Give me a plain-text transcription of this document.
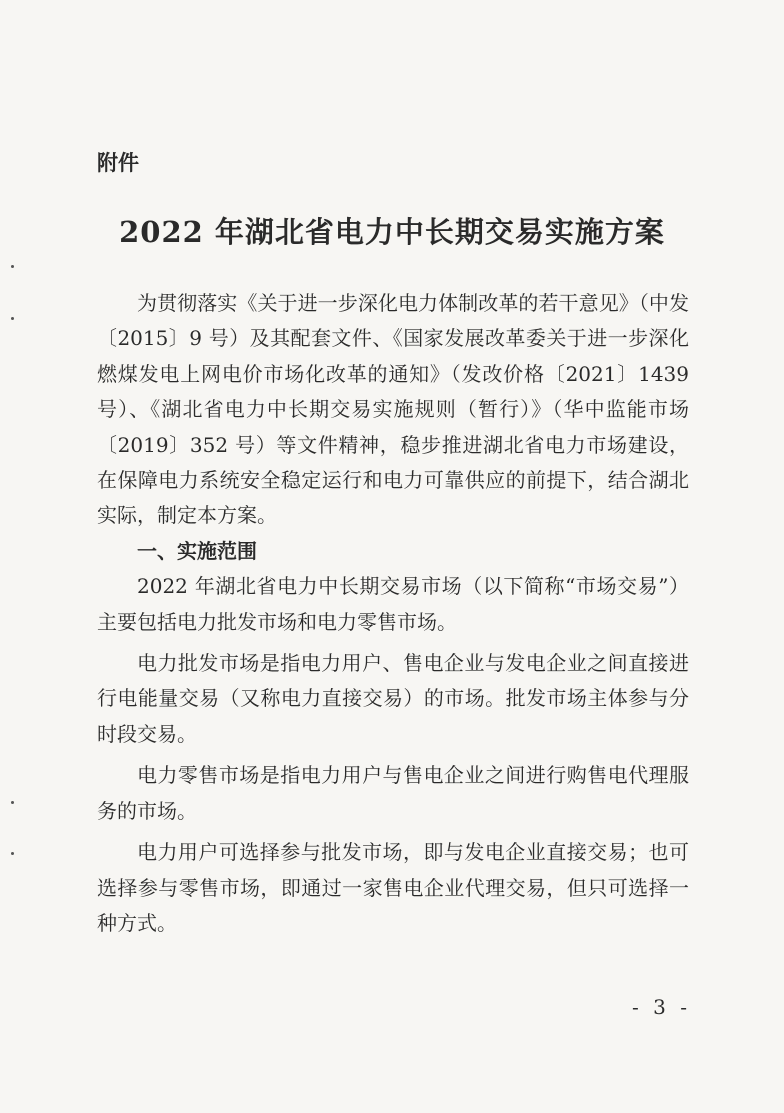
附件
2022 年湖北省电力中长期交易实施方案

为贯彻落实《关于进一步深化电力体制改革的若干意见》（中发〔2015〕9 号）及其配套文件、《国家发展改革委关于进一步深化燃煤发电上网电价市场化改革的通知》（发改价格〔2021〕1439 号）、《湖北省电力中长期交易实施规则（暂行）》（华中监能市场〔2019〕352 号）等文件精神，稳步推进湖北省电力市场建设，在保障电力系统安全稳定运行和电力可靠供应的前提下，结合湖北实际，制定本方案。

一、实施范围

2022 年湖北省电力中长期交易市场（以下简称“市场交易”）主要包括电力批发市场和电力零售市场。

电力批发市场是指电力用户、售电企业与发电企业之间直接进行电能量交易（又称电力直接交易）的市场。批发市场主体参与分时段交易。

电力零售市场是指电力用户与售电企业之间进行购售电代理服务的市场。

电力用户可选择参与批发市场，即与发电企业直接交易；也可选择参与零售市场，即通过一家售电企业代理交易，但只可选择一种方式。

- 3 -
